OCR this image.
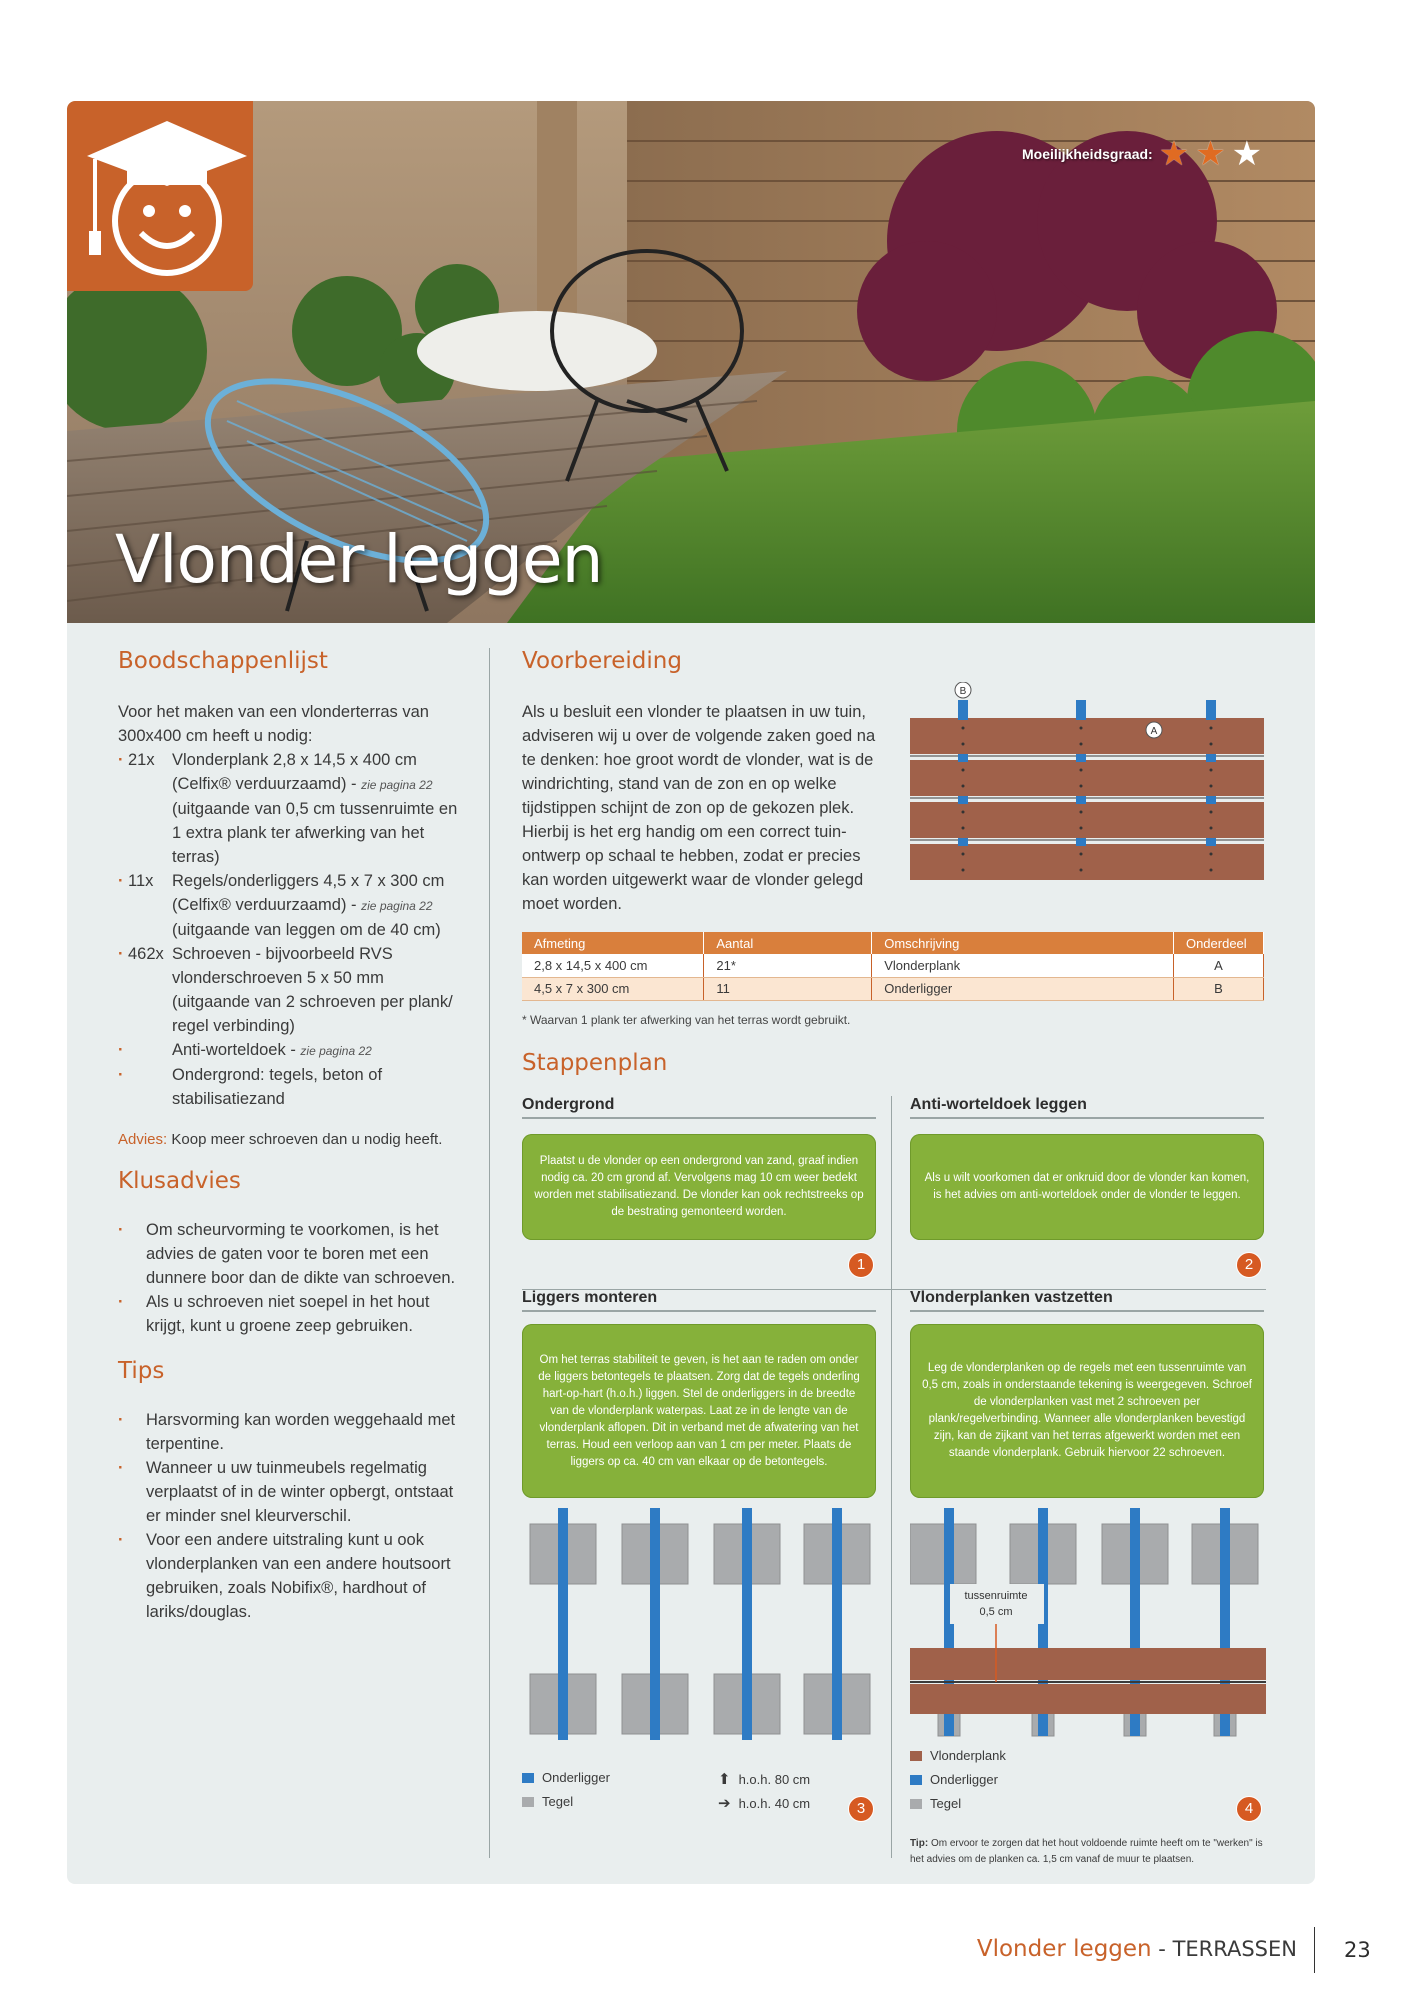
Vlonder leggen
Moeilijkheidsgraad: ★ ★ ★
Boodschappenlijst
Voor het maken van een vlonderterras van 300x400 cm heeft u nodig:
· 21x	Vlonderplank 2,8 x 14,5 x 400 cm (Celfix® verduurzaamd) - zie pagina 22
(uitgaande van 0,5 cm tussenruimte en 1 extra plank ter afwerking van het terras)
· 11x	Regels/onderliggers 4,5 x 7 x 300 cm (Celfix® verduurzaamd) - zie pagina 22
(uitgaande van leggen om de 40 cm)
· 462x Schroeven - bijvoorbeeld RVS vlonderschroeven 5 x 50 mm
(uitgaande van 2 schroeven per plank/ regel verbinding)
· Anti-worteldoek - zie pagina 22
· Ondergrond: tegels, beton of stabilisatiezand
Advies: Koop meer schroeven dan u nodig heeft.
Klusadvies
· Om scheurvorming te voorkomen, is het advies de gaten voor te boren met een dunnere boor dan de dikte van schroeven.
· Als u schroeven niet soepel in het hout krijgt, kunt u groene zeep gebruiken.
Tips
· Harsvorming kan worden weggehaald met terpentine.
· Wanneer u uw tuinmeubels regelmatig verplaatst of in de winter opbergt, ontstaat er minder snel kleurverschil.
· Voor een andere uitstraling kunt u ook vlonderplanken van een andere houtsoort gebruiken, zoals Nobifix®, hardhout of lariks/douglas.
Voorbereiding
Als u besluit een vlonder te plaatsen in uw tuin, adviseren wij u over de volgende zaken goed na te denken: hoe groot wordt de vlonder, wat is de windrichting, stand van de zon en op welke tijdstippen schijnt de zon op de gekozen plek. Hierbij is het erg handig om een correct tuin-ontwerp op schaal te hebben, zodat er precies kan worden uitgewerkt waar de vlonder gelegd moet worden.
B
A
Afmeting	Aantal	Omschrijving	Onderdeel
2,8 x 14,5 x 400 cm	21*	Vlonderplank	A
4,5 x 7 x 300 cm	11	Onderligger	B
* Waarvan 1 plank ter afwerking van het terras wordt gebruikt.
Stappenplan
Ondergrond
Plaatst u de vlonder op een ondergrond van zand, graaf indien nodig ca. 20 cm grond af. Vervolgens mag 10 cm weer bedekt worden met stabilisatiezand. De vlonder kan ook rechtstreeks op de bestrating gemonteerd worden.
1
Anti-worteldoek leggen
Als u wilt voorkomen dat er onkruid door de vlonder kan komen, is het advies om anti-worteldoek onder de vlonder te leggen.
2
Liggers monteren
Om het terras stabiliteit te geven, is het aan te raden om onder de liggers betontegels te plaatsen. Zorg dat de tegels onderling hart-op-hart (h.o.h.) liggen. Stel de onderliggers in de breedte van de vlonderplank waterpas. Laat ze in de lengte van de vlonderplank aflopen. Dit in verband met de afwatering van het terras. Houd een verloop aan van 1 cm per meter. Plaats de liggers op ca. 40 cm van elkaar op de betontegels.
Vlonderplanken vastzetten
Leg de vlonderplanken op de regels met een tussenruimte van 0,5 cm, zoals in onderstaande tekening is weergegeven. Schroef de vlonderplanken vast met 2 schroeven per plank/regelverbinding. Wanneer alle vlonderplanken bevestigd zijn, kan de zijkant van het terras afgewerkt worden met een staande vlonderplank. Gebruik hiervoor 22 schroeven.
3
Onderligger
Tegel
⬆ h.o.h. 80 cm
➔ h.o.h. 40 cm
tussenruimte
0,5 cm
Vlonderplank
Onderligger
Tegel	4
Tip: Om ervoor te zorgen dat het hout voldoende ruimte heeft om te "werken" is het advies om de planken ca. 1,5 cm vanaf de muur te plaatsen.
Vlonder leggen - TERRASSEN 23
